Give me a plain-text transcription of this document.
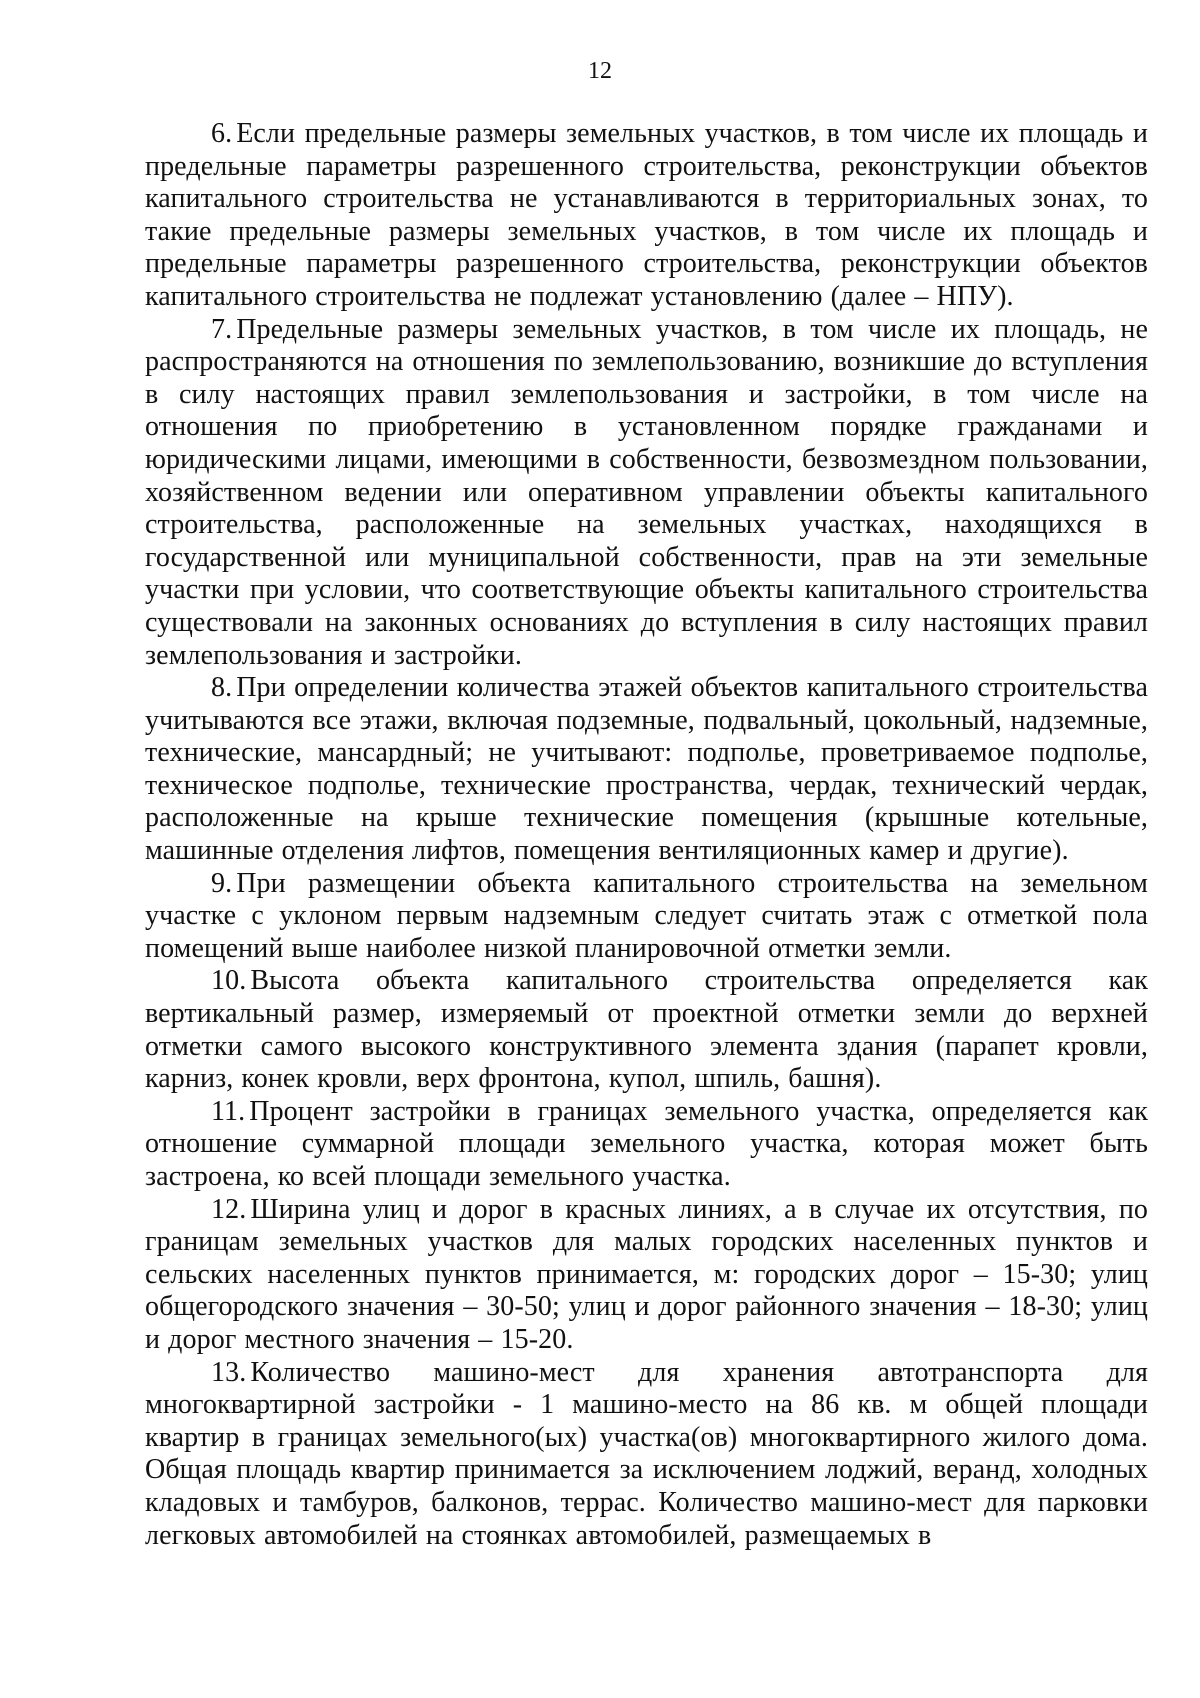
12

6. Если предельные размеры земельных участков, в том числе их площадь и предельные параметры разрешенного строительства, реконструкции объектов капитального строительства не устанавливаются в территориальных зонах, то такие предельные размеры земельных участков, в том числе их площадь и предельные параметры разрешенного строительства, реконструкции объектов капитального строительства не подлежат установлению (далее – НПУ).

7. Предельные размеры земельных участков, в том числе их площадь, не распространяются на отношения по землепользованию, возникшие до вступления в силу настоящих правил землепользования и застройки, в том числе на отношения по приобретению в установленном порядке гражданами и юридическими лицами, имеющими в собственности, безвозмездном пользовании, хозяйственном ведении или оперативном управлении объекты капитального строительства, расположенные на земельных участках, находящихся в государственной или муниципальной собственности, прав на эти земельные участки при условии, что соответствующие объекты капитального строительства существовали на законных основаниях до вступления в силу настоящих правил землепользования и застройки.

8. При определении количества этажей объектов капитального строительства учитываются все этажи, включая подземные, подвальный, цокольный, надземные, технические, мансардный; не учитывают: подполье, проветриваемое подполье, техническое подполье, технические пространства, чердак, технический чердак, расположенные на крыше технические помещения (крышные котельные, машинные отделения лифтов, помещения вентиляционных камер и другие).

9. При размещении объекта капитального строительства на земельном участке с уклоном первым надземным следует считать этаж с отметкой пола помещений выше наиболее низкой планировочной отметки земли.

10. Высота объекта капитального строительства определяется как вертикальный размер, измеряемый от проектной отметки земли до верхней отметки самого высокого конструктивного элемента здания (парапет кровли, карниз, конек кровли, верх фронтона, купол, шпиль, башня).

11. Процент застройки в границах земельного участка, определяется как отношение суммарной площади земельного участка, которая может быть застроена, ко всей площади земельного участка.

12. Ширина улиц и дорог в красных линиях, а в случае их отсутствия, по границам земельных участков для малых городских населенных пунктов и сельских населенных пунктов принимается, м: городских дорог – 15-30; улиц общегородского значения – 30-50; улиц и дорог районного значения – 18-30; улиц и дорог местного значения – 15-20.

13. Количество машино-мест для хранения автотранспорта для многоквартирной застройки - 1 машино-место на 86 кв. м общей площади квартир в границах земельного(ых) участка(ов) многоквартирного жилого дома. Общая площадь квартир принимается за исключением лоджий, веранд, холодных кладовых и тамбуров, балконов, террас. Количество машино-мест для парковки легковых автомобилей на стоянках автомобилей, размещаемых в
